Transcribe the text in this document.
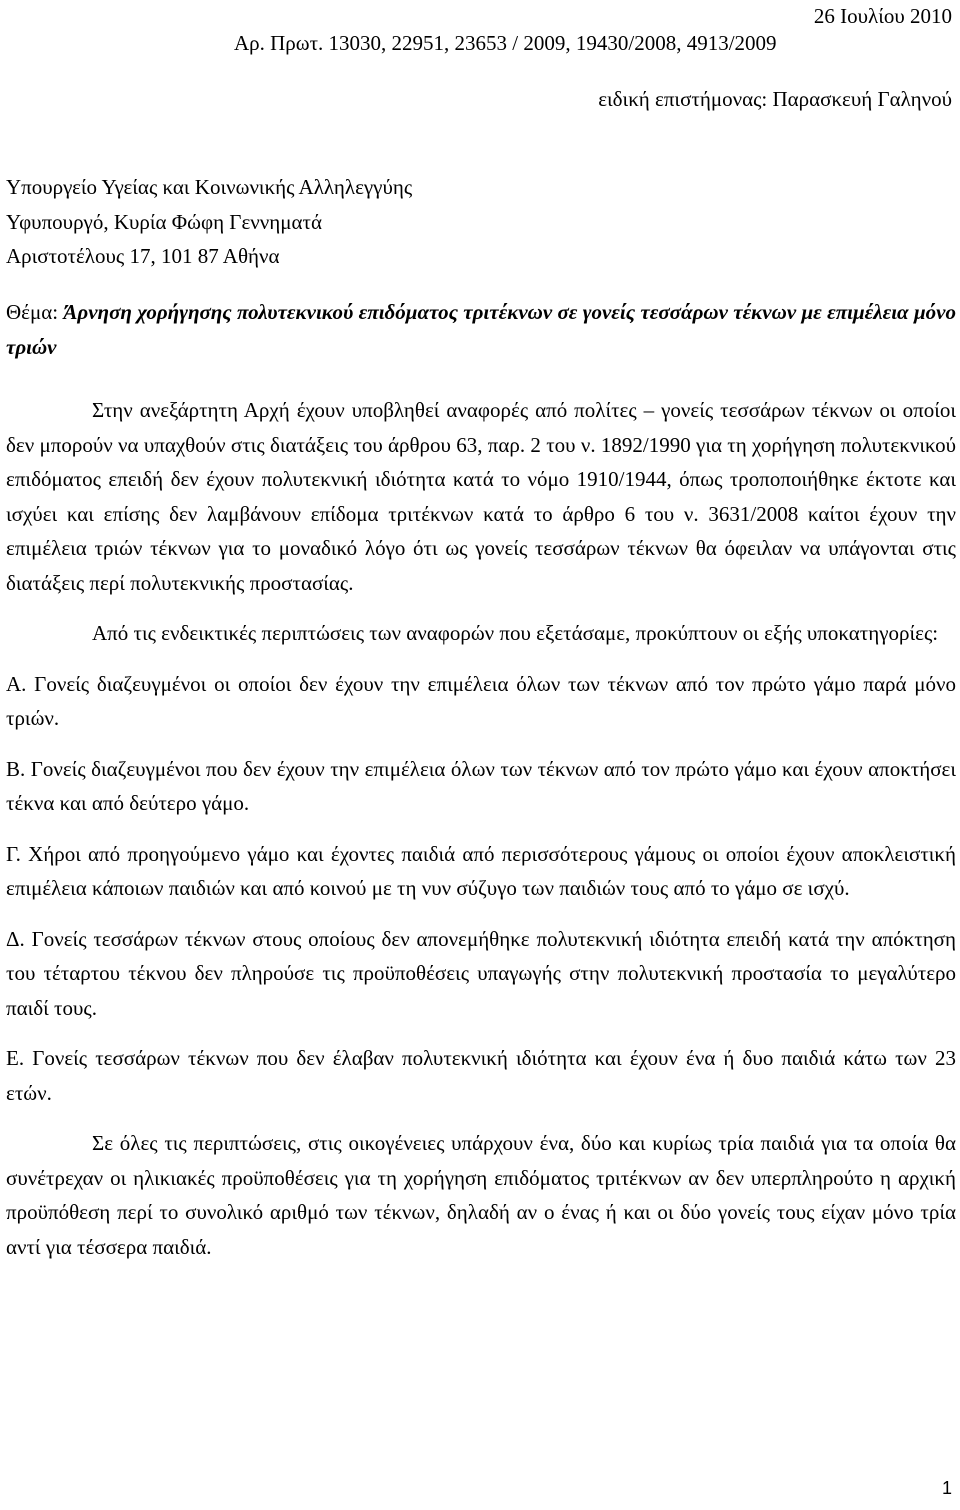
26 Ιουλίου 2010
Αρ. Πρωτ. 13030, 22951, 23653 / 2009, 19430/2008, 4913/2009
ειδική επιστήμονας: Παρασκευή Γαληνού
Υπουργείο Υγείας και Κοινωνικής Αλληλεγγύης
Υφυπουργό, Κυρία Φώφη Γεννηματά
Αριστοτέλους 17, 101 87 Αθήνα
Θέμα: Άρνηση χορήγησης πολυτεκνικού επιδόματος τριτέκνων σε γονείς τεσσάρων τέκνων με επιμέλεια μόνο τριών

Στην ανεξάρτητη Αρχή έχουν υποβληθεί αναφορές από πολίτες – γονείς τεσσάρων τέκνων οι οποίοι δεν μπορούν να υπαχθούν στις διατάξεις του άρθρου 63, παρ. 2 του ν. 1892/1990 για τη χορήγηση πολυτεκνικού επιδόματος επειδή δεν έχουν πολυτεκνική ιδιότητα κατά το νόμο 1910/1944, όπως τροποποιήθηκε έκτοτε και ισχύει και επίσης δεν λαμβάνουν επίδομα τριτέκνων κατά το άρθρο 6 του ν. 3631/2008 καίτοι έχουν την επιμέλεια τριών τέκνων για το μοναδικό λόγο ότι ως γονείς τεσσάρων τέκνων θα όφειλαν να υπάγονται στις διατάξεις περί πολυτεκνικής προστασίας.

Από τις ενδεικτικές περιπτώσεις των αναφορών που εξετάσαμε, προκύπτουν οι εξής υποκατηγορίες:

Α. Γονείς διαζευγμένοι οι οποίοι δεν έχουν την επιμέλεια όλων των τέκνων από τον πρώτο γάμο παρά μόνο τριών.

Β. Γονείς διαζευγμένοι που δεν έχουν την επιμέλεια όλων των τέκνων από τον πρώτο γάμο και έχουν αποκτήσει τέκνα και από δεύτερο γάμο.

Γ. Χήροι από προηγούμενο γάμο και έχοντες παιδιά από περισσότερους γάμους οι οποίοι έχουν αποκλειστική επιμέλεια κάποιων παιδιών και από κοινού με τη νυν σύζυγο των παιδιών τους από το γάμο σε ισχύ.

Δ. Γονείς τεσσάρων τέκνων στους οποίους δεν απονεμήθηκε πολυτεκνική ιδιότητα επειδή κατά την απόκτηση του τέταρτου τέκνου δεν πληρούσε τις προϋποθέσεις υπαγωγής στην πολυτεκνική προστασία το μεγαλύτερο παιδί τους.

Ε. Γονείς τεσσάρων τέκνων που δεν έλαβαν πολυτεκνική ιδιότητα και έχουν ένα ή δυο παιδιά κάτω των 23 ετών.

Σε όλες τις περιπτώσεις, στις οικογένειες υπάρχουν ένα, δύο και κυρίως τρία παιδιά για τα οποία θα συνέτρεχαν οι ηλικιακές προϋποθέσεις για τη χορήγηση επιδόματος τριτέκνων αν δεν υπερπληρούτο η αρχική προϋπόθεση περί το συνολικό αριθμό των τέκνων, δηλαδή αν ο ένας ή και οι δύο γονείς τους είχαν μόνο τρία αντί για τέσσερα παιδιά.

1
